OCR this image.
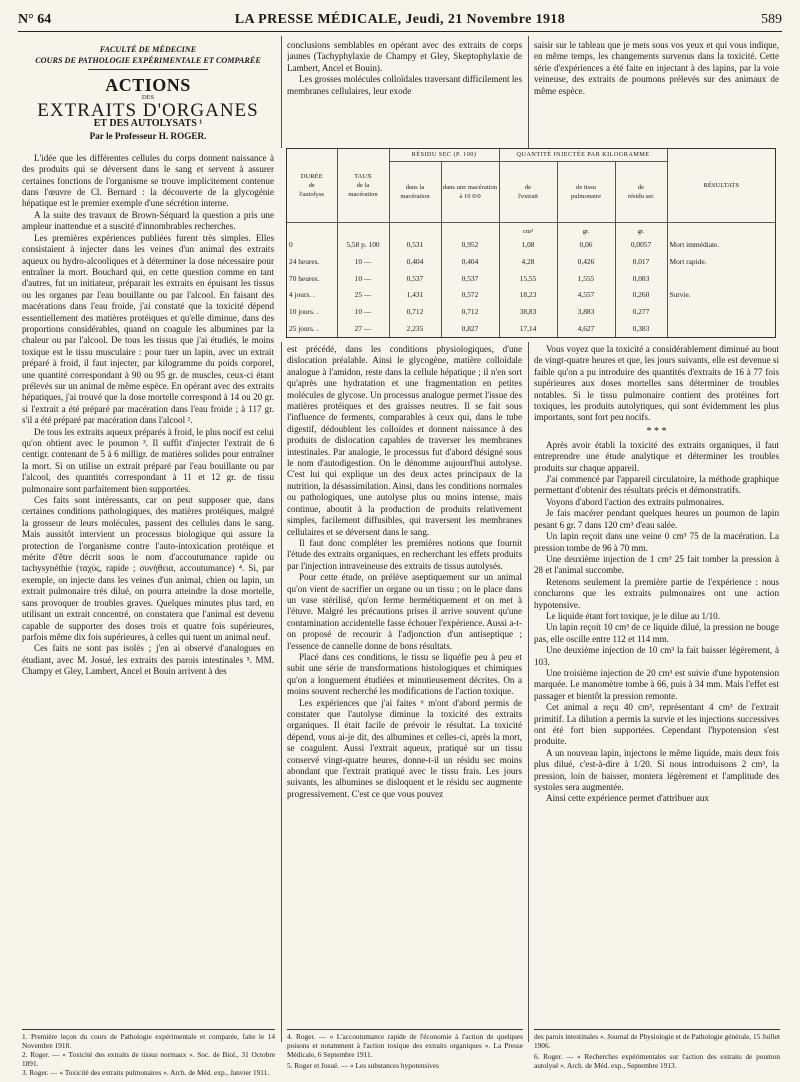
N° 64	LA PRESSE MÉDICALE, Jeudi, 21 Novembre 1918	589
FACULTÉ DE MÉDECINE
COURS DE PATHOLOGIE EXPÉRIMENTALE ET COMPARÉE
ACTIONS
DES
EXTRAITS D'ORGANES
ET DES AUTOLYSATS ¹
Par le Professeur H. ROGER.

L'idée que les différentes cellules du corps donnent naissance à des produits qui se déversent dans le sang et servent à assurer certaines fonctions de l'organisme se trouve implicitement contenue dans l'œuvre de Cl. Bernard : la découverte de la glycogénie hépatique est le premier exemple d'une sécrétion interne.

A la suite des travaux de Brown-Séquard la question a pris une ampleur inattendue et a suscité d'innombrables recherches.

Les premières expériences publiées furent très simples. Elles consistaient à injecter dans les veines d'un animal des extraits aqueux ou hydro-alcooliques et à déterminer la dose nécessaire pour entraîner la mort. Bouchard qui, en cette question comme en tant d'autres, fut un initiateur, préparait les extraits en épuisant les tissus ou les organes par l'eau bouillante ou par l'alcool. En faisant des macérations dans l'eau froide, j'ai constaté que la toxicité dépend essentiellement des matières protéiques et qu'elle diminue, dans des proportions considérables, quand on coagule les albumines par la chaleur ou par l'alcool. De tous les tissus que j'ai étudiés, le moins toxique est le tissu musculaire : pour tuer un lapin, avec un extrait préparé à froid, il faut injecter, par kilogramme du poids corporel, une quantité correspondant à 90 ou 95 gr. de muscles, ceux-ci étant prélevés sur un animal de même espèce. En opérant avec des extraits hépatiques, j'ai trouvé que la dose mortelle correspond à 14 ou 20 gr. si l'extrait a été préparé par macération dans l'eau froide ; à 117 gr. s'il a été préparé par macération dans l'alcool ².

De tous les extraits aqueux préparés à froid, le plus nocif est celui qu'on obtient avec le poumon ³. Il suffit d'injecter l'extrait de 6 centigr. contenant de 5 à 6 milligr. de matières solides pour entraîner la mort. Si on utilise un extrait préparé par l'eau bouillante ou par l'alcool, des quantités correspondant à 11 et 12 gr. de tissu pulmonaire sont parfaitement bien supportées.

Ces faits sont intéressants, car on peut supposer que, dans certaines conditions pathologiques, des matières protéiques, malgré la grosseur de leurs molécules, passent des cellules dans le sang. Mais aussitôt intervient un processus biologique qui assure la protection de l'organisme contre l'auto-intoxication protéique et mérite d'être décrit sous le nom d'accoutumance rapide ou tachysynéthie (ταχύς, rapide ; συνήθεια, accoutumance) ⁴. Si, par exemple, on injecte dans les veines d'un animal, chien ou lapin, un extrait pulmonaire très dilué, on pourra atteindre la dose mortelle, sans provoquer de troubles graves. Quelques minutes plus tard, en utilisant un extrait concentré, on constatera que l'animal est devenu capable de supporter des doses trois et quatre fois supérieures, parfois même dix fois supérieures, à celles qui tuent un animal neuf.

Ces faits ne sont pas isolés ; j'en ai observé d'analogues en étudiant, avec M. Josué, les extraits des parois intestinales ⁵. MM. Champy et Gley, Lambert, Ancel et Bouin arrivent à des

conclusions semblables en opérant avec des extraits de corps jaunes (Tachyphylaxie de Champy et Gley, Skeptophylaxie de Lambert, Ancel et Bouin).

Les grosses molécules colloïdales traversant difficilement les membranes cellulaires, leur exode

saisir sur le tableau que je mets sous vos yeux et qui vous indique, en même temps, les changements survenus dans la toxicité. Cette série d'expériences a été faite en injectant à des lapins, par la voie veineuse, des extraits de poumons prélevés sur des animaux de même espèce.

DURÉE
de
l'autolyse	TAUX
de la
macération	RÉSIDU SEC (P. 100)		QUANTITÉ INJECTÉE PAR KILOGRAMME			RÉSULTATS
		dans la
macération	dans une macération
à 10 0/0	de
l'extrait	de tissu
pulmonaire	de
résidu sec	
				cm³	gr.	gr.	
0	5,58 p. 100	0,531	0,952	1,08	0,06	0,0057	Mort immédiate.
24 heures.	10 —	0,404	0,404	4,28	0,426	0,017	Mort rapide.
70 heures.	10 —	0,537	0,537	15,55	1,555	0,083	
4 jours. .	25 —	1,431	0,572	18,23	4,557	0,260	Survie.
10 jours. .	10 —	0,712	0,712	38,83	3,883	0,277	
25 jours. .	27 —	2,235	0,827	17,14	4,627	0,383	

est précédé, dans les conditions physiologiques, d'une dislocation préalable. Ainsi le glycogène, matière colloïdale analogue à l'amidon, reste dans la cellule hépatique ; il n'en sort qu'après une hydratation et une fragmentation en petites molécules de glycose. Un processus analogue permet l'issue des matières protéiques et des graisses neutres. Il se fait sous l'influence de ferments, comparables à ceux qui, dans le tube digestif, dédoublent les colloïdes et donnent naissance à des produits de dislocation capables de traverser les membranes intestinales. Par analogie, le processus fut d'abord désigné sous le nom d'autodigestion. On le dénomme aujourd'hui autolyse. C'est lui qui explique un des deux actes principaux de la nutrition, la désassimilation. Ainsi, dans les conditions normales ou pathologiques, une autolyse plus ou moins intense, mais continue, aboutit à la production de produits relativement simples, facilement diffusibles, qui traversent les membranes cellulaires et se déversent dans le sang.

Il faut donc compléter les premières notions que fournit l'étude des extraits organiques, en recherchant les effets produits par l'injection intraveineuse des extraits de tissus autolysés.

Pour cette étude, on prélève aseptiquement sur un animal qu'on vient de sacrifier un organe ou un tissu ; on le place dans un vase stérilisé, qu'on ferme hermétiquement et on met à l'étuve. Malgré les précautions prises il arrive souvent qu'une contamination accidentelle fasse échouer l'expérience. Aussi a-t-on proposé de recourir à l'adjonction d'un antiseptique ; l'essence de cannelle donne de bons résultats.

Placé dans ces conditions, le tissu se liquéfie peu à peu et subit une série de transformations histologiques et chimiques qu'on a longuement étudiées et minutieusement décrites. On a moins souvent recherché les modifications de l'action toxique.

Les expériences que j'ai faites ⁶ m'ont d'abord permis de constater que l'autolyse diminue la toxicité des extraits organiques. Il était facile de prévoir le résultat. La toxicité dépend, vous ai-je dit, des albumines et celles-ci, après la mort, se coagulent. Aussi l'extrait aqueux, pratiqué sur un tissu conservé vingt-quatre heures, donne-t-il un résidu sec moins abondant que l'extrait pratiqué avec le tissu frais. Les jours suivants, les albumines se disloquent et le résidu sec augmente progressivement. C'est ce que vous pouvez

Vous voyez que la toxicité a considérablement diminué au bout de vingt-quatre heures et que, les jours suivants, elle est devenue si faible qu'on a pu introduire des quantités d'extraits de 16 à 77 fois supérieures aux doses mortelles sans déterminer de troubles notables. Si le tissu pulmonaire contient des protéines fort toxiques, les produits autolytiques, qui sont évidemment les plus importants, sont fort peu nocifs.

* * *

Après avoir établi la toxicité des extraits organiques, il faut entreprendre une étude analytique et déterminer les troubles produits sur chaque appareil.

J'ai commencé par l'appareil circulatoire, la méthode graphique permettant d'obtenir des résultats précis et démonstratifs.

Voyons d'abord l'action des extraits pulmonaires.

Je fais macérer pendant quelques heures un poumon de lapin pesant 6 gr. 7 dans 120 cm³ d'eau salée.

Un lapin reçoit dans une veine 0 cm³ 75 de la macération. La pression tombe de 96 à 70 mm.

Une deuxième injection de 1 cm³ 25 fait tomber la pression à 28 et l'animal succombe.

Retenons seulement la première partie de l'expérience : nous conclurons que les extraits pulmonaires ont une action hypotensive.

Le liquide étant fort toxique, je le dilue au 1/10.

Un lapin reçoit 10 cm³ de ce liquide dilué, la pression ne bouge pas, elle oscille entre 112 et 114 mm.

Une deuxième injection de 10 cm³ la fait baisser légèrement, à 103.

Une troisième injection de 20 cm³ est suivie d'une hypotension marquée. Le manomètre tombe à 66, puis à 34 mm. Mais l'effet est passager et bientôt la pression remonte.

Cet animal a reçu 40 cm³, représentant 4 cm³ de l'extrait primitif. La dilution a permis la survie et les injections successives ont été fort bien supportées. Cependant l'hypotension s'est produite.

A un nouveau lapin, injectons le même liquide, mais deux fois plus dilué, c'est-à-dire à 1/20. Si nous introduisons 2 cm³, la pression, loin de baisser, montera légèrement et l'amplitude des systoles sera augmentée.

Ainsi cette expérience permet d'attribuer aux

1. Première leçon du cours de Pathologie expérimentale et comparée, faite le 14 Novembre 1918.
2. Roger. — « Toxicité des extraits de tissus normaux ». Soc. de Biol., 31 Octobre 1891.
3. Roger. — « Toxicité des extraits pulmonaires ». Arch. de Méd. exp., Janvier 1911.
4. Roger. — « L'accoutumance rapide de l'économie à l'action de quelques poisons et notamment à l'action toxique des extraits organiques ». La Presse Médicale, 6 Septembre 1911.
5. Roger et Josué. — « Les substances hypotensives
des parois intestinales ». Journal de Physiologie et de Pathologie générale, 15 Juillet 1906.
6. Roger. — « Recherches expérimentales sur l'action des extraits de poumon autolysé ». Arch. de Méd. exp., Septembre 1913.
